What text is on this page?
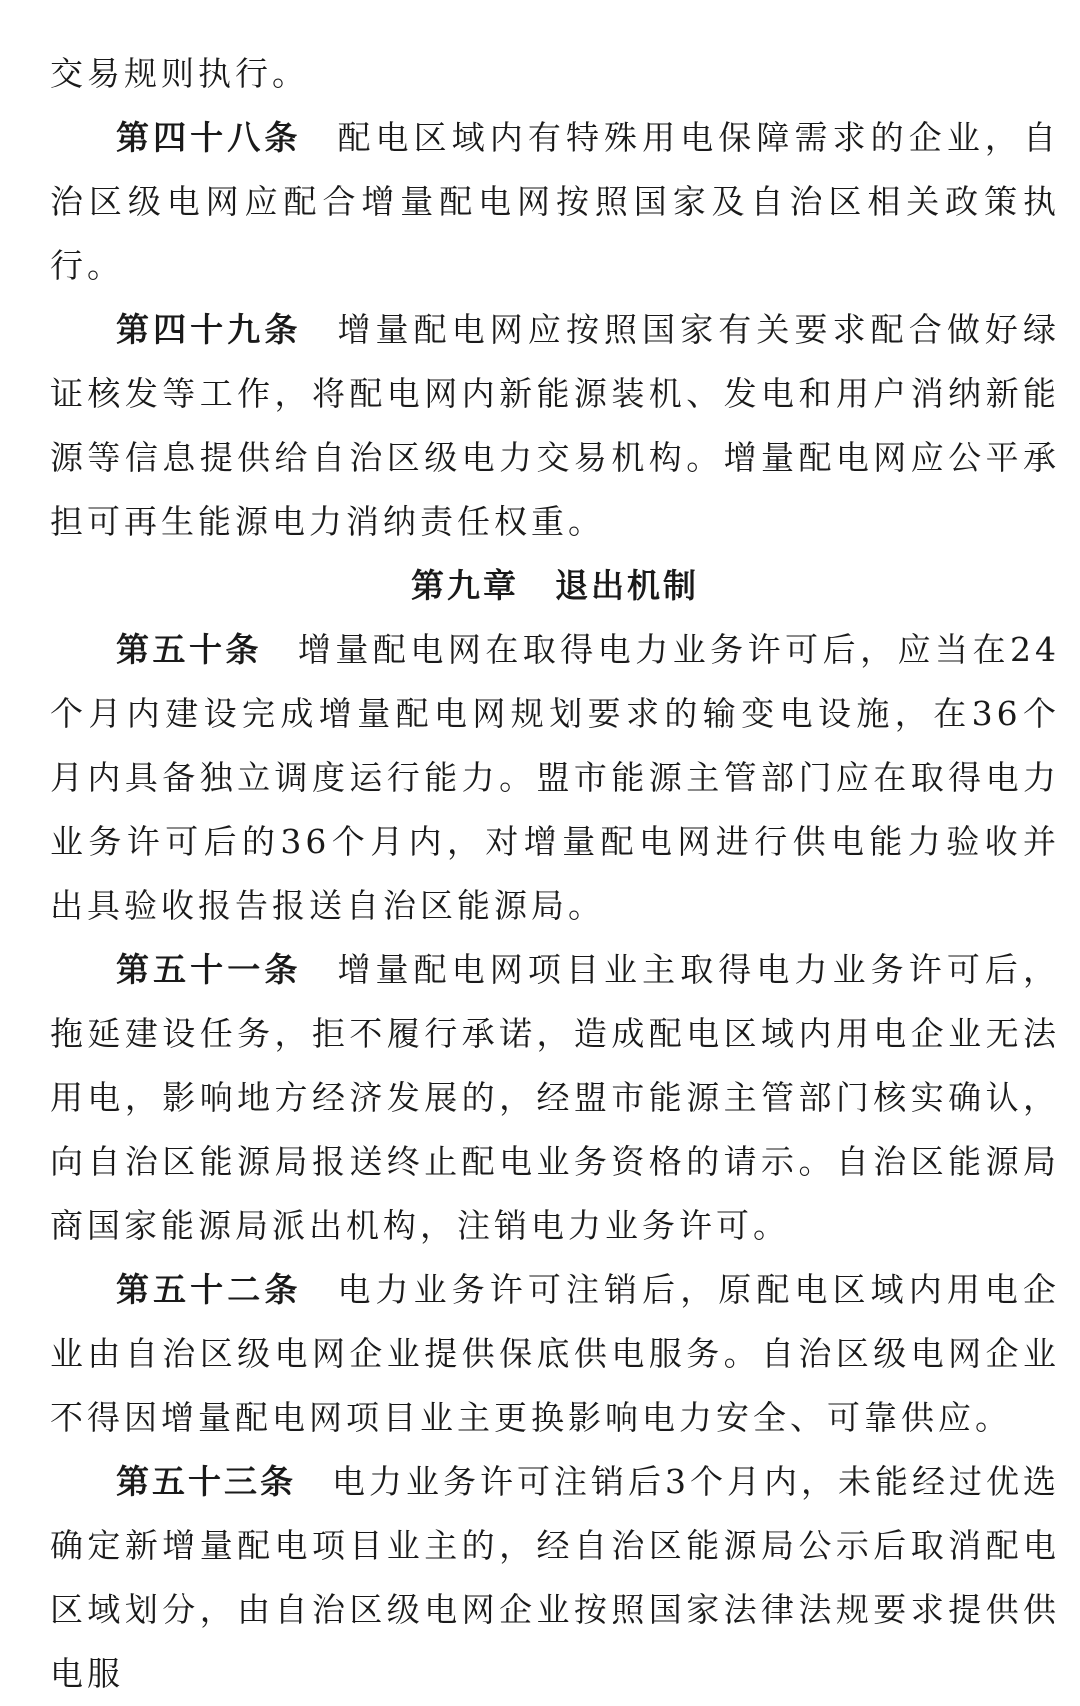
交易规则执行。

第四十八条 配电区域内有特殊用电保障需求的企业，自治区级电网应配合增量配电网按照国家及自治区相关政策执行。

第四十九条 增量配电网应按照国家有关要求配合做好绿证核发等工作，将配电网内新能源装机、发电和用户消纳新能源等信息提供给自治区级电力交易机构。增量配电网应公平承担可再生能源电力消纳责任权重。

第九章 退出机制

第五十条 增量配电网在取得电力业务许可后，应当在24个月内建设完成增量配电网规划要求的输变电设施，在36个月内具备独立调度运行能力。盟市能源主管部门应在取得电力业务许可后的36个月内，对增量配电网进行供电能力验收并出具验收报告报送自治区能源局。

第五十一条 增量配电网项目业主取得电力业务许可后，拖延建设任务，拒不履行承诺，造成配电区域内用电企业无法用电，影响地方经济发展的，经盟市能源主管部门核实确认，向自治区能源局报送终止配电业务资格的请示。自治区能源局商国家能源局派出机构，注销电力业务许可。

第五十二条 电力业务许可注销后，原配电区域内用电企业由自治区级电网企业提供保底供电服务。自治区级电网企业不得因增量配电网项目业主更换影响电力安全、可靠供应。

第五十三条 电力业务许可注销后3个月内，未能经过优选确定新增量配电项目业主的，经自治区能源局公示后取消配电区域划分，由自治区级电网企业按照国家法律法规要求提供供电服
